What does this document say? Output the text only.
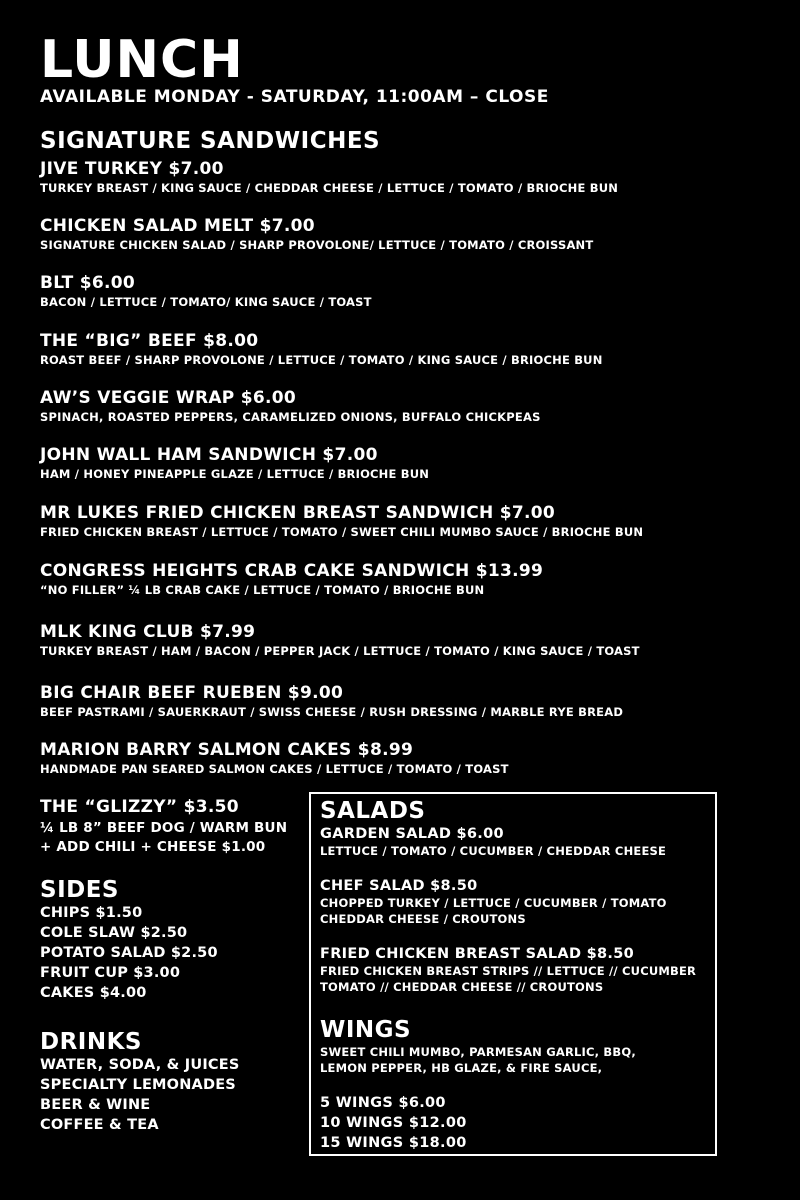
LUNCH
AVAILABLE MONDAY - SATURDAY, 11:00AM – CLOSE
SIGNATURE SANDWICHES
JIVE TURKEY $7.00
TURKEY BREAST / KING SAUCE / CHEDDAR CHEESE / LETTUCE / TOMATO / BRIOCHE BUN
CHICKEN SALAD MELT $7.00
SIGNATURE CHICKEN SALAD / SHARP PROVOLONE/ LETTUCE / TOMATO / CROISSANT
BLT $6.00
BACON / LETTUCE / TOMATO/ KING SAUCE / TOAST
THE “BIG” BEEF $8.00
ROAST BEEF / SHARP PROVOLONE / LETTUCE / TOMATO / KING SAUCE / BRIOCHE BUN
AW’S VEGGIE WRAP $6.00
SPINACH, ROASTED PEPPERS, CARAMELIZED ONIONS, BUFFALO CHICKPEAS
JOHN WALL HAM SANDWICH $7.00
HAM / HONEY PINEAPPLE GLAZE / LETTUCE / BRIOCHE BUN
MR LUKES FRIED CHICKEN BREAST SANDWICH $7.00
FRIED CHICKEN BREAST / LETTUCE / TOMATO / SWEET CHILI MUMBO SAUCE / BRIOCHE BUN
CONGRESS HEIGHTS CRAB CAKE SANDWICH $13.99
“NO FILLER” ¼ LB CRAB CAKE / LETTUCE / TOMATO / BRIOCHE BUN
MLK KING CLUB $7.99
TURKEY BREAST / HAM / BACON / PEPPER JACK / LETTUCE / TOMATO / KING SAUCE / TOAST
BIG CHAIR BEEF RUEBEN $9.00
BEEF PASTRAMI / SAUERKRAUT / SWISS CHEESE / RUSH DRESSING / MARBLE RYE BREAD
MARION BARRY SALMON CAKES $8.99
HANDMADE PAN SEARED SALMON CAKES / LETTUCE / TOMATO / TOAST
THE “GLIZZY” $3.50
¼ LB 8” BEEF DOG / WARM BUN
+ ADD CHILI + CHEESE $1.00
SIDES
CHIPS $1.50
COLE SLAW $2.50
POTATO SALAD $2.50
FRUIT CUP $3.00
CAKES $4.00
DRINKS
WATER, SODA, & JUICES
SPECIALTY LEMONADES
BEER & WINE
COFFEE & TEA
SALADS
GARDEN SALAD $6.00
LETTUCE / TOMATO / CUCUMBER / CHEDDAR CHEESE
CHEF SALAD $8.50
CHOPPED TURKEY / LETTUCE / CUCUMBER / TOMATO
CHEDDAR CHEESE / CROUTONS
FRIED CHICKEN BREAST SALAD $8.50
FRIED CHICKEN BREAST STRIPS // LETTUCE // CUCUMBER
TOMATO // CHEDDAR CHEESE // CROUTONS
WINGS
SWEET CHILI MUMBO, PARMESAN GARLIC, BBQ,
LEMON PEPPER, HB GLAZE, & FIRE SAUCE,
5 WINGS $6.00
10 WINGS $12.00
15 WINGS $18.00
